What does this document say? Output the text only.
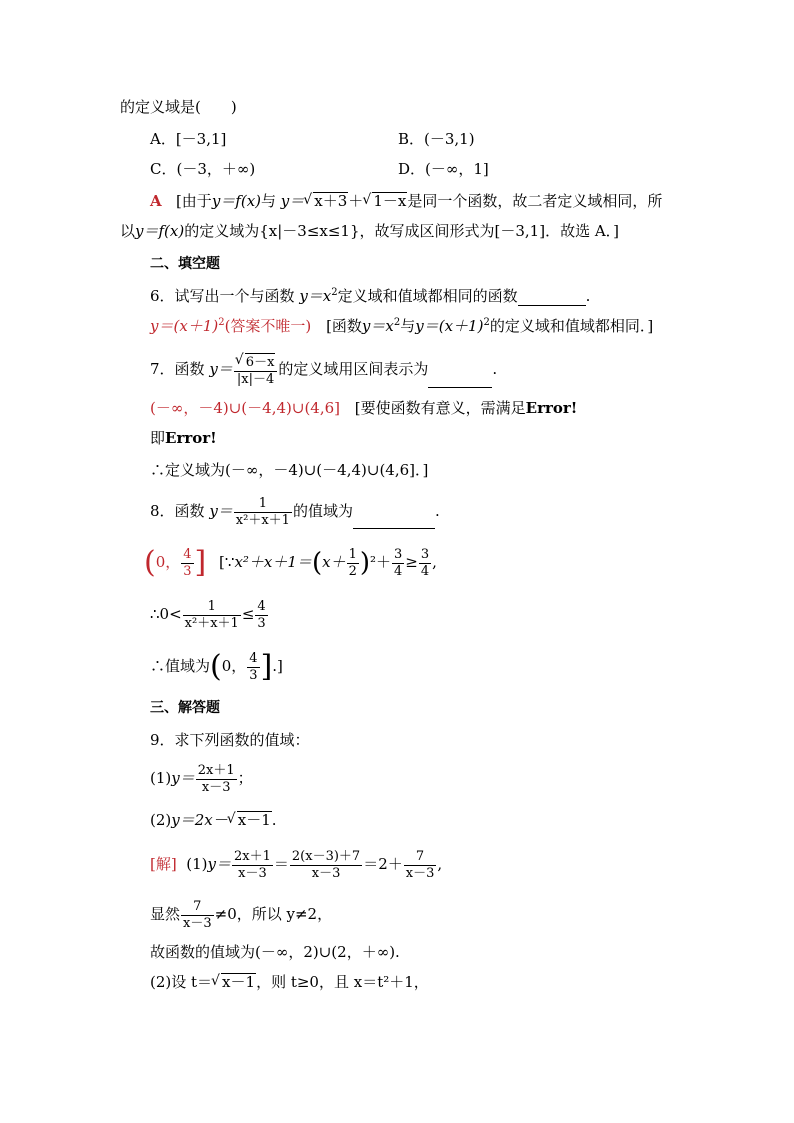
的定义域是(　　)
A．[－3,1]	B．(－3,1)
C．(－3，＋∞)	D．(－∞，1]
A [由于y＝f(x)与 y＝ √ x＋3＋ √ 1－x是同一个函数，故二者定义域相同，所
以y＝f(x)的定义域为{x|－3≤x≤1}，故写成区间形式为[－3,1]．故选 A．]
二、填空题
6．试写出一个与函数 $y=x^2$定义域和值域都相同的函数	.
$y=(x+1)^2$(答案不唯一) [函数$y=x^2$与$y=(x+1)^2$的定义域和值域都相同．]
7．函数 y＝ √ $\frac{6-x}{|x|-4}$ 的定义域用区间表示为	.
(－∞，－4)∪(－4,4)∪(4,6] [要使函数有意义，需满足Error!
即Error!
∴定义域为(－∞，－4)∪(－4,4)∪(4,6]．]
8．函数 $y= \frac{1}{\text{x²＋x＋1}}$ 的值域为	.
(0， $\frac{4}{3}$ ] [∵x²＋x＋1＝(x＋ $\frac{1}{2} )^2+ \frac{3}{4} \ge \frac{3}{4}$ ,
∴0< $\frac{1}{\text{x²＋x＋1}} \le \frac{4}{3}$
∴值域为(0， $\frac{4}{3}$ ].]
三、解答题
9．求下列函数的值域：
$(1)y= \frac{2x+1}{x-3}$ ；
(2)y＝2x－ √ x－1.
[解] $(1)y= \frac{2x+1}{x-3} = \frac{2(x-3)+7}{x-3} =2+ \frac{7}{x-3}$ ,
显然 $\frac{7}{x-3} \ne 0$，所以 y≠2，
故函数的值域为(－∞，2)∪(2，＋∞).
(2)设 t＝ √ x－1，则 t≥0，且 x＝t²＋1，
